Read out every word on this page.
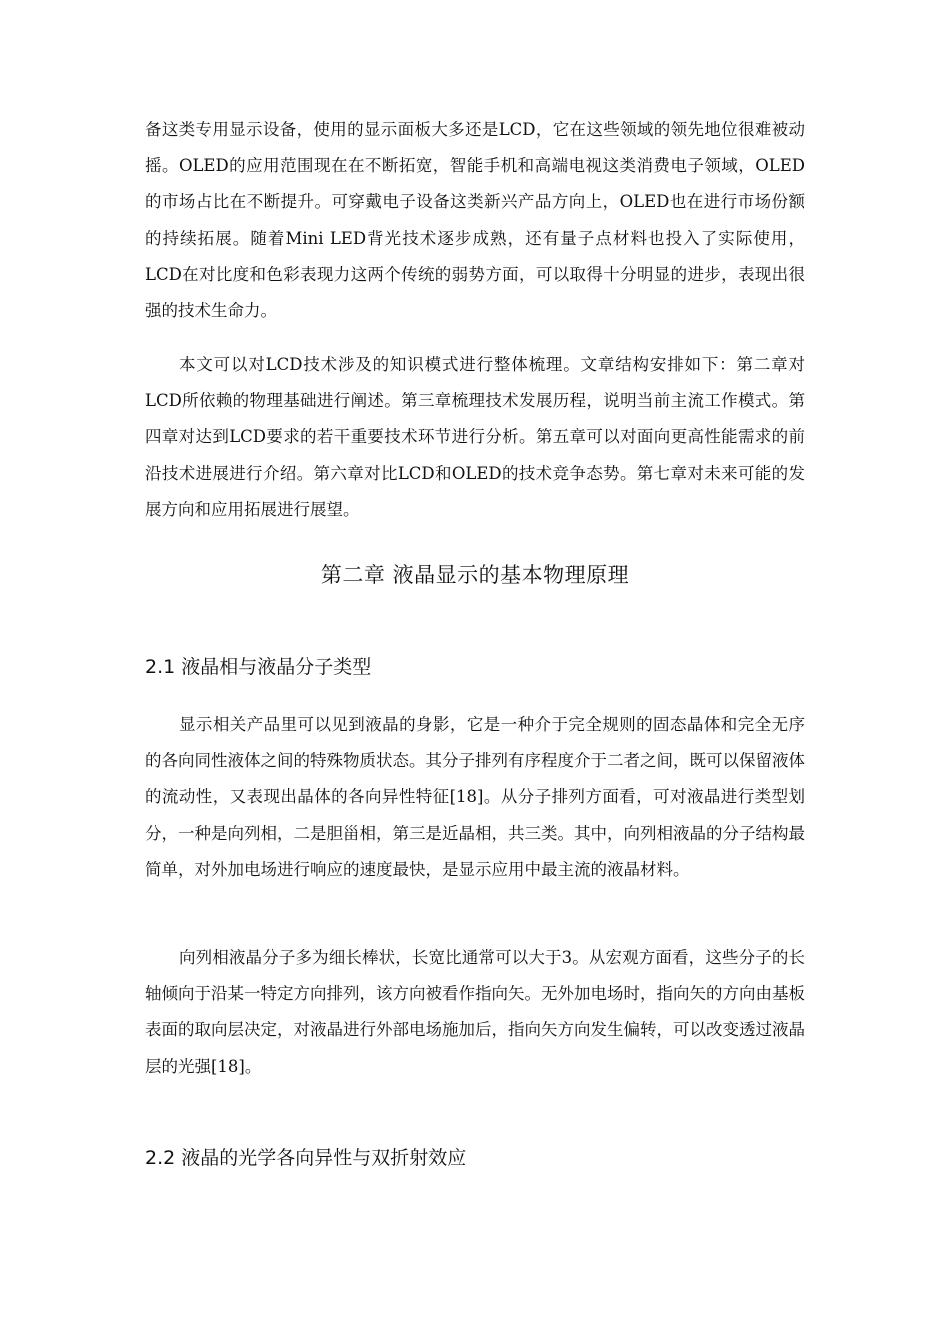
备这类专用显示设备，使用的显示面板大多还是LCD，它在这些领域的领先地位很难被动摇。OLED的应用范围现在在不断拓宽，智能手机和高端电视这类消费电子领域，OLED的市场占比在不断提升。可穿戴电子设备这类新兴产品方向上，OLED也在进行市场份额的持续拓展。随着Mini LED背光技术逐步成熟，还有量子点材料也投入了实际使用，LCD在对比度和色彩表现力这两个传统的弱势方面，可以取得十分明显的进步，表现出很强的技术生命力。

本文可以对LCD技术涉及的知识模式进行整体梳理。文章结构安排如下：第二章对LCD所依赖的物理基础进行阐述。第三章梳理技术发展历程，说明当前主流工作模式。第四章对达到LCD要求的若干重要技术环节进行分析。第五章可以对面向更高性能需求的前沿技术进展进行介绍。第六章对比LCD和OLED的技术竞争态势。第七章对未来可能的发展方向和应用拓展进行展望。

第二章 液晶显示的基本物理原理
2.1 液晶相与液晶分子类型

显示相关产品里可以见到液晶的身影，它是一种介于完全规则的固态晶体和完全无序的各向同性液体之间的特殊物质状态。其分子排列有序程度介于二者之间，既可以保留液体的流动性，又表现出晶体的各向异性特征[18]。从分子排列方面看，可对液晶进行类型划分，一种是向列相，二是胆甾相，第三是近晶相，共三类。其中，向列相液晶的分子结构最简单，对外加电场进行响应的速度最快，是显示应用中最主流的液晶材料。

向列相液晶分子多为细长棒状，长宽比通常可以大于3。从宏观方面看，这些分子的长轴倾向于沿某一特定方向排列，该方向被看作指向矢。无外加电场时，指向矢的方向由基板表面的取向层决定，对液晶进行外部电场施加后，指向矢方向发生偏转，可以改变透过液晶层的光强[18]。

2.2 液晶的光学各向异性与双折射效应
